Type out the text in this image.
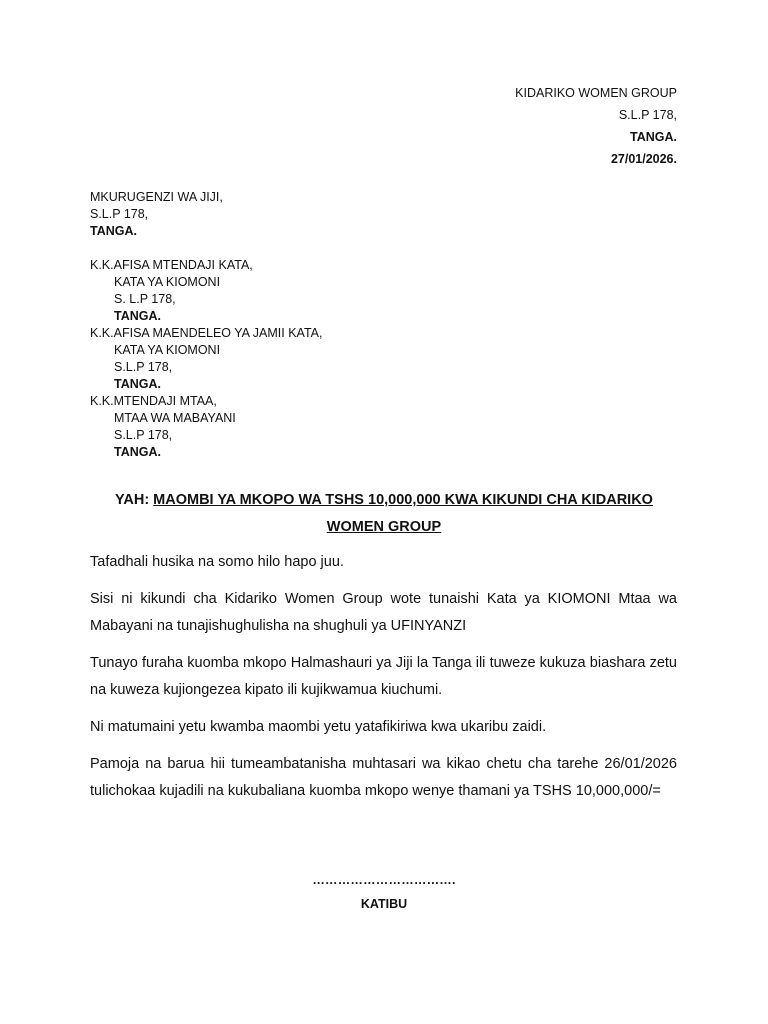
KIDARIKO WOMEN GROUP
S.L.P 178,
TANGA.
27/01/2026.
MKURUGENZI WA JIJI,
S.L.P 178,
TANGA.
K.K.AFISA MTENDAJI KATA,
KATA YA KIOMONI
S. L.P 178,
TANGA.
K.K.AFISA MAENDELEO YA JAMII KATA,
KATA YA KIOMONI
S.L.P 178,
TANGA.
K.K.MTENDAJI MTAA,
MTAA WA MABAYANI
S.L.P 178,
TANGA.
YAH: MAOMBI YA MKOPO WA TSHS 10,000,000 KWA KIKUNDI CHA KIDARIKO WOMEN GROUP

Tafadhali husika na somo hilo hapo juu.

Sisi ni kikundi cha Kidariko Women Group wote tunaishi Kata ya KIOMONI Mtaa wa Mabayani na tunajishughulisha na shughuli ya UFINYANZI

Tunayo furaha kuomba mkopo Halmashauri ya Jiji la Tanga ili tuweze kukuza biashara zetu na kuweza kujiongezea kipato ili kujikwamua kiuchumi.

Ni matumaini yetu kwamba maombi yetu yatafikiriwa kwa ukaribu zaidi.

Pamoja na barua hii tumeambatanisha muhtasari wa kikao chetu cha tarehe 26/01/2026 tulichokaa kujadili na kukubaliana kuomba mkopo wenye thamani ya TSHS 10,000,000/=

…………………………….
KATIBU
